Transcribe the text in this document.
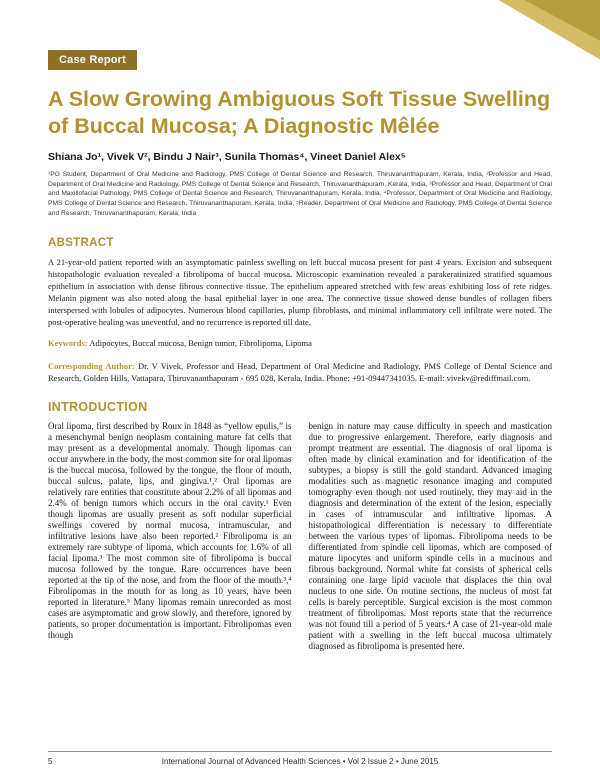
Case Report
A Slow Growing Ambiguous Soft Tissue Swelling of Buccal Mucosa; A Diagnostic Mêlée
Shiana Jo¹, Vivek V², Bindu J Nair³, Sunila Thomas⁴, Vineet Daniel Alex⁵
¹PG Student, Department of Oral Medicine and Radiology, PMS College of Dental Science and Research, Thiruvananthapuram, Kerala, India, ²Professor and Head, Department of Oral Medicine and Radiology, PMS College of Dental Science and Research, Thiruvananthapuram, Kerala, India, ³Professor and Head, Department of Oral and Maxillofacial Pathology, PMS College of Dental Science and Research, Thiruvananthapuram, Kerala, India, ⁴Professor, Department of Oral Medicine and Radiology, PMS College of Dental Science and Research, Thiruvananthapuram, Kerala, India, ⁵Reader, Department of Oral Medicine and Radiology, PMS College of Dental Science and Research, Thiruvananthapuram, Kerala, India
ABSTRACT

A 21-year-old patient reported with an asymptomatic painless swelling on left buccal mucosa present for past 4 years. Excision and subsequent histopathologic evaluation revealed a fibrolipoma of buccal mucosa. Microscopic examination revealed a parakeratinized stratified squamous epithelium in association with dense fibrous connective tissue. The epithelium appeared stretched with few areas exhibiting loss of rete ridges. Melanin pigment was also noted along the basal epithelial layer in one area. The connective tissue showed dense bundles of collagen fibers interspersed with lobules of adipocytes. Numerous blood capillaries, plump fibroblasts, and minimal inflammatory cell infiltrate were noted. The post-operative healing was uneventful, and no recurrence is reported till date.

Keywords: Adipocytes, Buccal mucosa, Benign tumor, Fibrolipoma, Lipoma

Corresponding Author: Dr. V Vivek, Professor and Head, Department of Oral Medicine and Radiology, PMS College of Dental Science and Research, Golden Hills, Vattapara, Thiruvananthapuram - 695 028, Kerala, India. Phone: +91-09447341035. E-mail: vivekv@rediffmail.com.

INTRODUCTION

Oral lipoma, first described by Roux in 1848 as “yellow epulis,” is a mesenchymal benign neoplasm containing mature fat cells that may present as a developmental anomaly. Though lipomas can occur anywhere in the body, the most common site for oral lipomas is the buccal mucosa, followed by the tongue, the floor of mouth, buccal sulcus, palate, lips, and gingiva.¹,² Oral lipomas are relatively rare entities that constitute about 2.2% of all lipomas and 2.4% of benign tumors which occurs in the oral cavity.¹ Even though lipomas are usually present as soft nodular superficial swellings covered by normal mucosa, intramuscular, and infiltrative lesions have also been reported.² Fibrolipoma is an extremely rare subtype of lipoma, which accounts for 1.6% of all facial lipoma.³ The most common site of fibrolipoma is buccal mucosa followed by the tongue. Rare occurrences have been reported at the tip of the nose, and from the floor of the mouth.³,⁴ Fibrolipomas in the mouth for as long as 10 years, have been reported in literature.⁵ Many lipomas remain unrecorded as most cases are asymptomatic and grow slowly, and therefore, ignored by patients, so proper documentation is important. Fibrolipomas even though

benign in nature may cause difficulty in speech and mastication due to progressive enlargement. Therefore, early diagnosis and prompt treatment are essential. The diagnosis of oral lipoma is often made by clinical examination and for identification of the subtypes, a biopsy is still the gold standard. Advanced imaging modalities such as magnetic resonance imaging and computed tomography even though not used routinely, they may aid in the diagnosis and determination of the extent of the lesion, especially in cases of intramuscular and infiltrative lipomas. A histopathological differentiation is necessary to differentiate between the various types of lipomas. Fibrolipoma needs to be differentiated from spindle cell lipomas, which are composed of mature lipocytes and uniform spindle cells in a mucinous and fibrous background. Normal white fat consists of spherical cells containing one large lipid vacuole that displaces the thin oval nucleus to one side. On routine sections, the nucleus of most fat cells is barely perceptible. Surgical excision is the most common treatment of fibrolipomas. Most reports state that the recurrence was not found till a period of 5 years.⁴ A case of 21-year-old male patient with a swelling in the left buccal mucosa ultimately diagnosed as fibrolipoma is presented here.

5	International Journal of Advanced Health Sciences • Vol 2 Issue 2 • June 2015
